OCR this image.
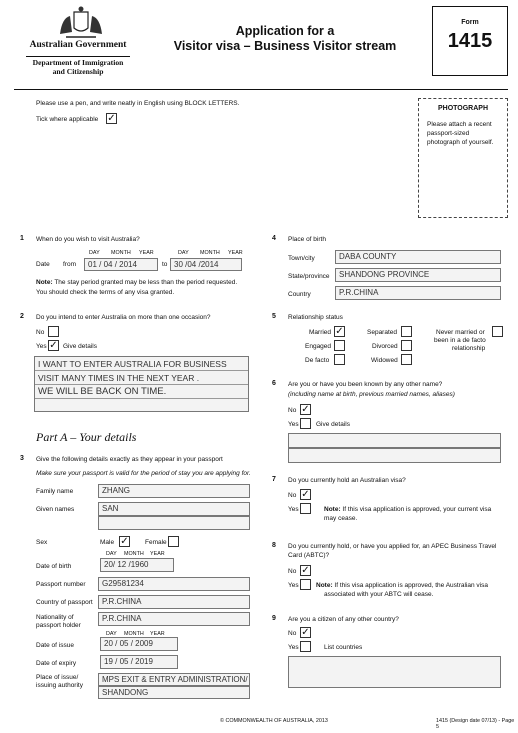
Australian Government
Department of Immigration
and Citizenship
Application for a
Visitor visa – Business Visitor stream
Form
1415
Please use a pen, and write neatly in English using BLOCK LETTERS.
Tick where applicable ✓
PHOTOGRAPH
Please attach a recent
passport-sized
photograph of yourself.
1 When do you wish to visit Australia?
DAY MONTH YEAR	DAY MONTH YEAR
Date from	01 / 04 / 2014	to 30 /04 /2014
Note: The stay period granted may be less than the period requested.
You should check the terms of any visa granted.
2 Do you intend to enter Australia on more than one occasion?
No
Yes ✓ Give details
I WANT TO ENTER AUSTRALIA FOR BUSINESS
VISIT MANY TIMES IN THE NEXT YEAR .
WE WILL BE BACK ON TIME.
Part A – Your details
3 Give the following details exactly as they appear in your passport
Make sure your passport is valid for the period of stay you are applying for.
Family name	ZHANG
Given names	SAN
Sex	Male ✓	Female
DAY MONTH YEAR
Date of birth	20/ 12 /1960
Passport number	G29581234
Country of passport	P.R.CHINA
Nationality of
passport holder
P.R.CHINA
DAY MONTH YEAR
Date of issue	20 / 05 / 2009
Date of expiry	19 / 05 / 2019
Place of issue/
issuing authority
MPS EXIT & ENTRY ADMINISTRATION/
SHANDONG
4 Place of birth
Town/city	DABA COUNTY
State/province	SHANDONG PROVINCE
Country	P.R.CHINA
5 Relationship status
Married ✓	Separated	Never married or
been in a de facto
relationship
Engaged	Divorced
De facto	Widowed
6 Are you or have you been known by any other name?
(including name at birth, previous married names, aliases)
No ✓
Yes	Give details
7 Do you currently hold an Australian visa?
No ✓
Yes	Note: If this visa application is approved, your current visa
may cease.
8 Do you currently hold, or have you applied for, an APEC Business Travel
Card (ABTC)?
No ✓
Yes	Note: If this visa application is approved, the Australian visa
associated with your ABTC will cease.
9 Are you a citizen of any other country?
No ✓
Yes	List countries
© COMMONWEALTH OF AUSTRALIA, 2013	1415 (Design date 07/13) - Page 5
